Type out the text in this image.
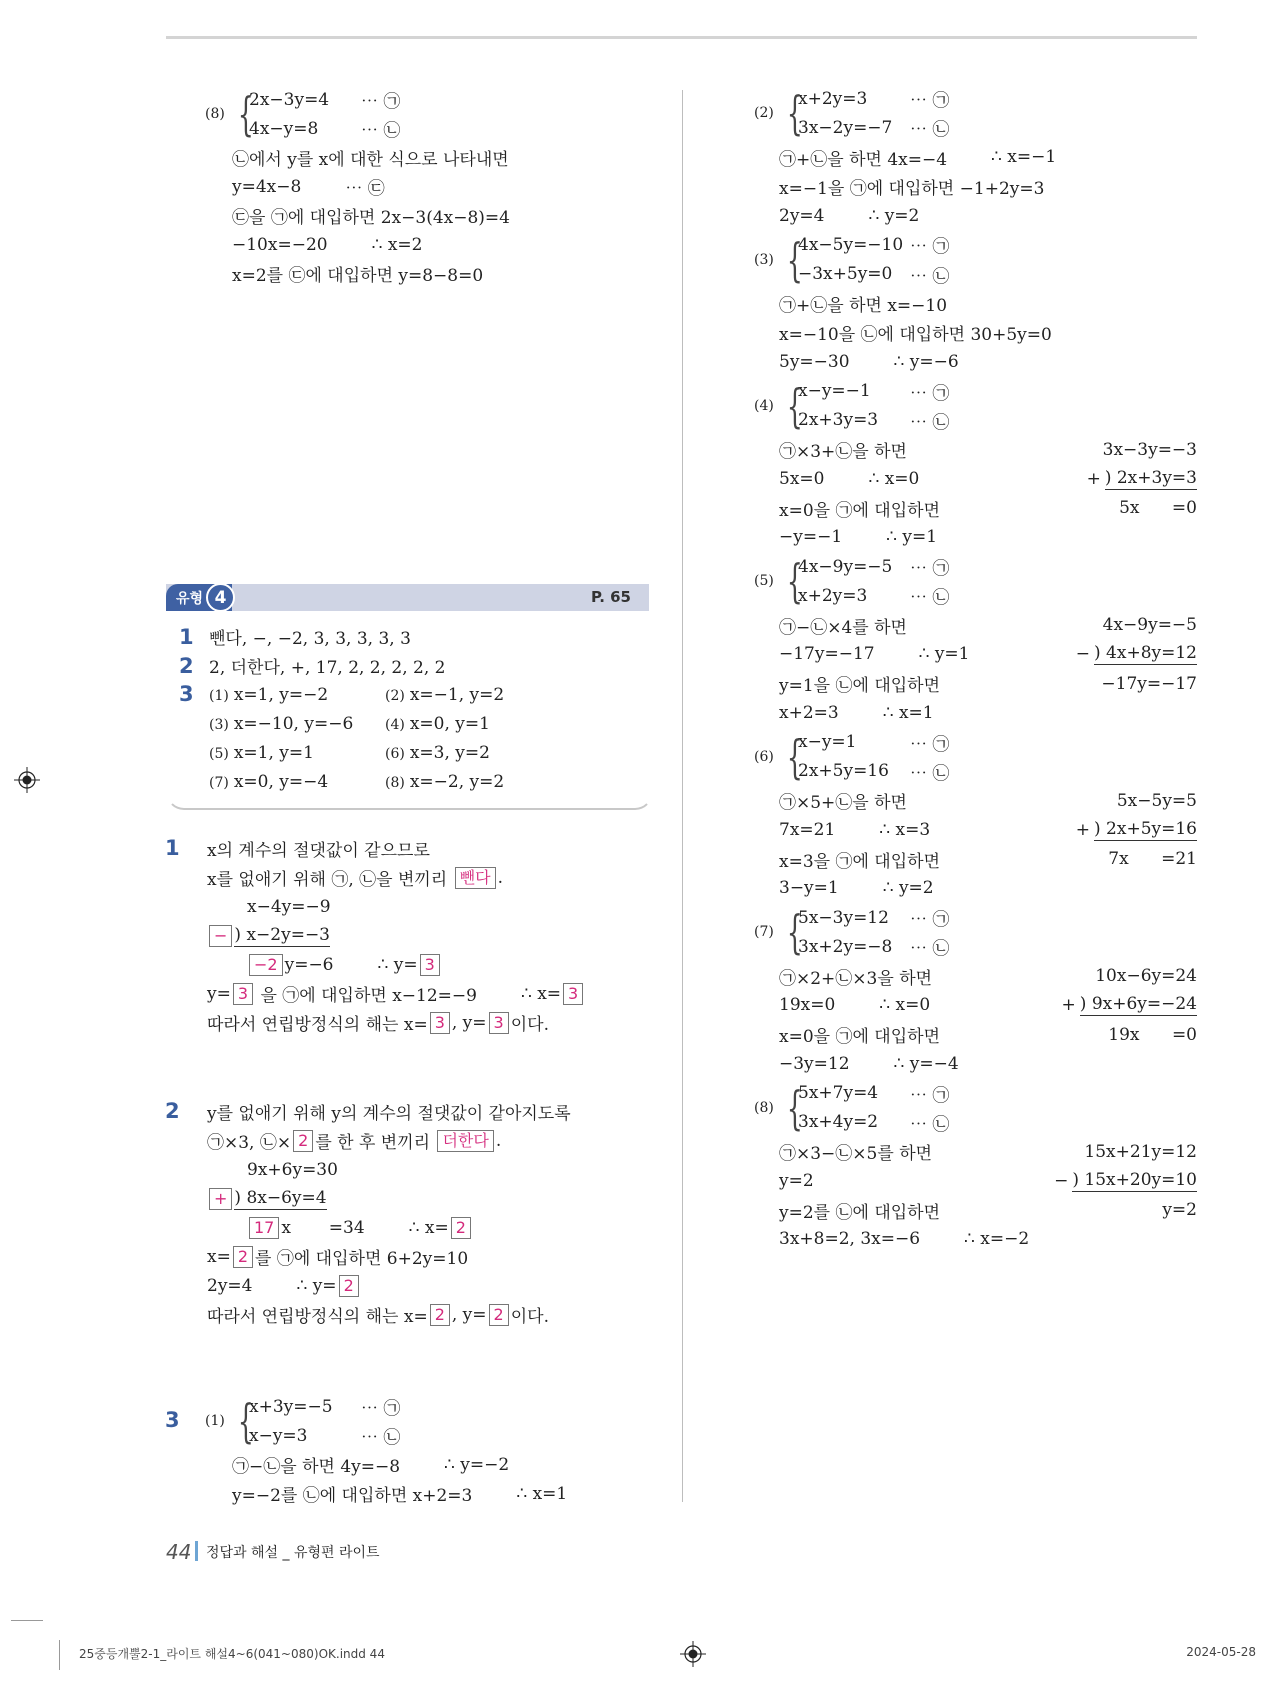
(8) {
2x−3y=4	⋯ ㉠
4x−y=8	⋯ ㉡
㉡에서 y를 x에 대한 식으로 나타내면
y=4x−8	⋯ ㉢
㉢을 ㉠에 대입하면 2x−3(4x−8)=4
−10x=−20	∴ x=2
x=2를 ㉢에 대입하면 y=8−8=0
유형 4	P. 65
1 뺀다, −, −2, 3, 3, 3, 3, 3
2 2, 더한다, +, 17, 2, 2, 2, 2, 2
3 (1) x=1, y=−2	(2) x=−1, y=2
(3) x=−10, y=−6	(4) x=0, y=1
(5) x=1, y=1	(6) x=3, y=2
(7) x=0, y=−4	(8) x=−2, y=2
1 x의 계수의 절댓값이 같으므로
x를 없애기 위해 ㉠, ㉡을 변끼리 뺀다 .
x−4y=−9
− ) x−2y=−3
−2 y=−6	∴ y= 3
y= 3 을 ㉠에 대입하면 x−12=−9	∴ x= 3
따라서 연립방정식의 해는 x= 3 , y= 3 이다.
2 y를 없애기 위해 y의 계수의 절댓값이 같아지도록
㉠×3, ㉡× 2 를 한 후 변끼리 더한다 .
9x+6y=30
+ ) 8x−6y=4
17 x       =34	∴ x= 2
x= 2 를 ㉠에 대입하면 6+2y=10
2y=4	∴ y= 2
따라서 연립방정식의 해는 x= 2 , y= 2 이다.
3 (1) {
x+3y=−5	⋯ ㉠
x−y=3	⋯ ㉡
㉠−㉡을 하면 4y=−8	∴ y=−2
y=−2를 ㉡에 대입하면 x+2=3	∴ x=1
(2) {
x+2y=3	⋯ ㉠
3x−2y=−7	⋯ ㉡
㉠+㉡을 하면 4x=−4	∴ x=−1
x=−1을 ㉠에 대입하면 −1+2y=3
2y=4	∴ y=2
(3) {
4x−5y=−10 ⋯ ㉠
−3x+5y=0	⋯ ㉡
㉠+㉡을 하면 x=−10
x=−10을 ㉡에 대입하면 30+5y=0
5y=−30	∴ y=−6
(4) {
x−y=−1	⋯ ㉠
2x+3y=3	⋯ ㉡
㉠×3+㉡을 하면
5x=0	∴ x=0
x=0을 ㉠에 대입하면
−y=−1	∴ y=1
3x−3y=−3
+ ) 2x+3y=3
5x      =0
(5) {
4x−9y=−5	⋯ ㉠
x+2y=3	⋯ ㉡
㉠−㉡×4를 하면
−17y=−17	∴ y=1
y=1을 ㉡에 대입하면
x+2=3	∴ x=1
4x−9y=−5
− ) 4x+8y=12
−17y=−17
(6) {
x−y=1	⋯ ㉠
2x+5y=16	⋯ ㉡
㉠×5+㉡을 하면
7x=21	∴ x=3
x=3을 ㉠에 대입하면
3−y=1	∴ y=2
5x−5y=5
+ ) 2x+5y=16
7x      =21
(7) {
5x−3y=12	⋯ ㉠
3x+2y=−8	⋯ ㉡
㉠×2+㉡×3을 하면
19x=0	∴ x=0
x=0을 ㉠에 대입하면
−3y=12	∴ y=−4
10x−6y=24
+ ) 9x+6y=−24
19x      =0
(8) {
5x+7y=4	⋯ ㉠
3x+4y=2	⋯ ㉡
㉠×3−㉡×5를 하면
y=2
y=2를 ㉡에 대입하면
3x+8=2, 3x=−6	∴ x=−2
15x+21y=12
− ) 15x+20y=10
y=2
44 정답과 해설 _ 유형편 라이트
25중등개뿔2-1_라이트 해설4~6(041~080)OK.indd 44	2024-05-28
